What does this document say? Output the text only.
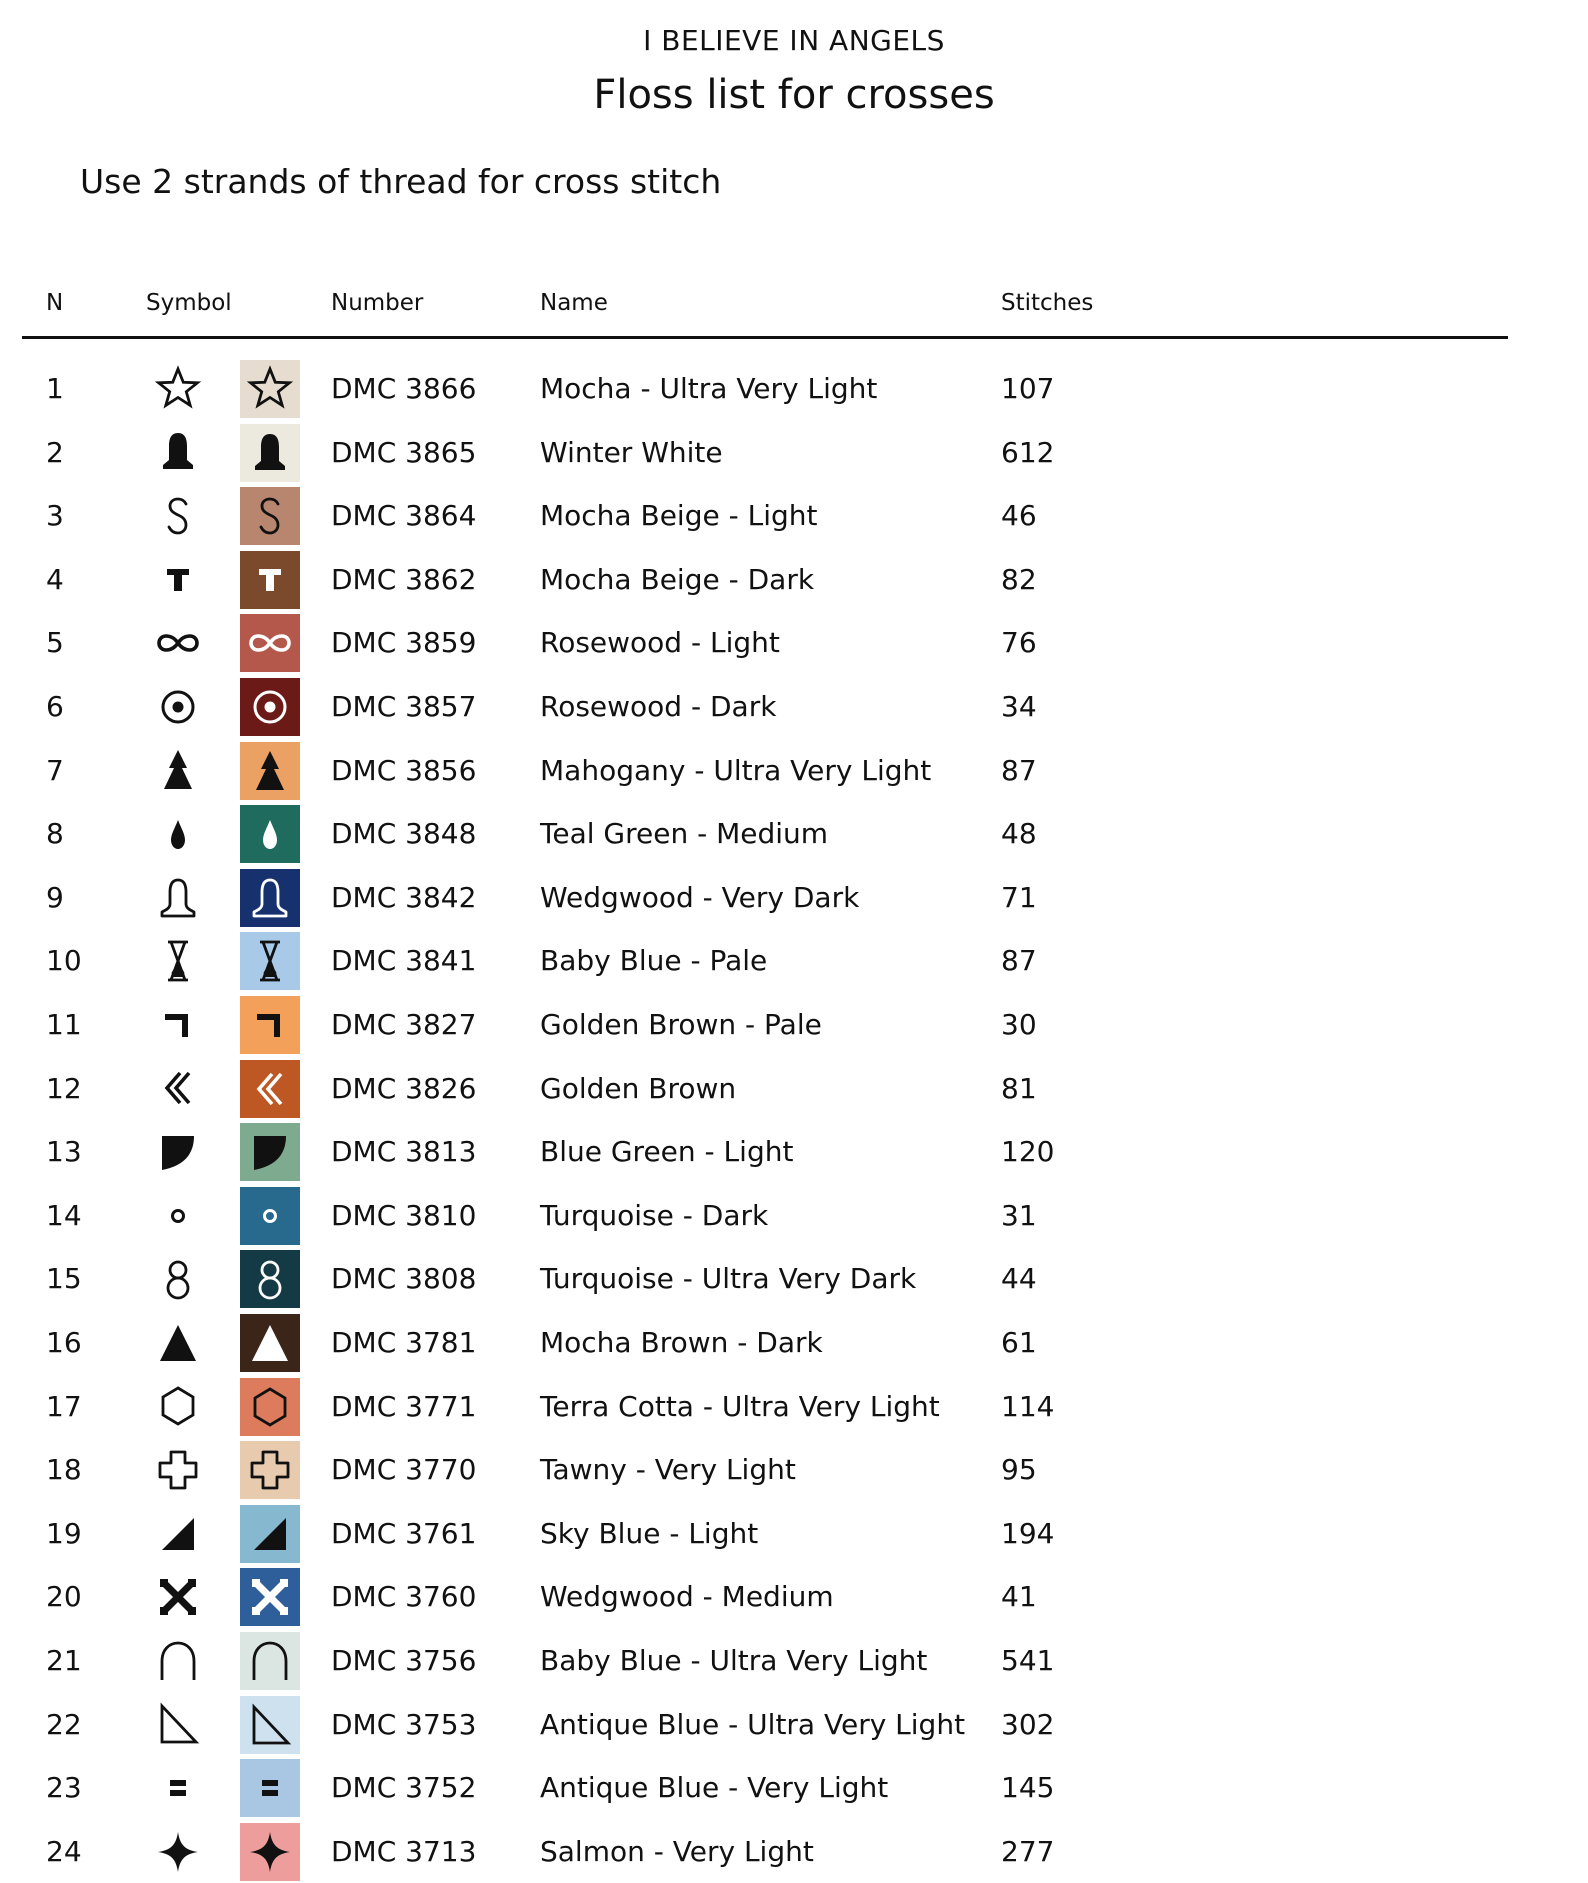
I BELIEVE IN ANGELS
Floss list for crosses
Use 2 strands of thread for cross stitch
N	Symbol	Number	Name	Stitches
1	DMC 3866 Mocha - Ultra Very Light	107
2	DMC 3865 Winter White	612
3	DMC 3864 Mocha Beige - Light	46
4	DMC 3862 Mocha Beige - Dark	82
5	DMC 3859 Rosewood - Light	76
6	DMC 3857 Rosewood - Dark	34
7	DMC 3856 Mahogany - Ultra Very Light 87
8	DMC 3848 Teal Green - Medium	48
9	DMC 3842 Wedgwood - Very Dark	71
10	DMC 3841 Baby Blue - Pale	87
11	DMC 3827 Golden Brown - Pale	30
12	DMC 3826 Golden Brown	81
13	DMC 3813 Blue Green - Light	120
14	DMC 3810 Turquoise - Dark	31
15	DMC 3808 Turquoise - Ultra Very Dark	44
16	DMC 3781 Mocha Brown - Dark	61
17	DMC 3771 Terra Cotta - Ultra Very Light 114
18	DMC 3770 Tawny - Very Light	95
19	DMC 3761 Sky Blue - Light	194
20	DMC 3760 Wedgwood - Medium	41
21	DMC 3756 Baby Blue - Ultra Very Light	541
22	DMC 3753 Antique Blue - Ultra Very Light 302
23	DMC 3752 Antique Blue - Very Light	145
24	DMC 3713 Salmon - Very Light	277
